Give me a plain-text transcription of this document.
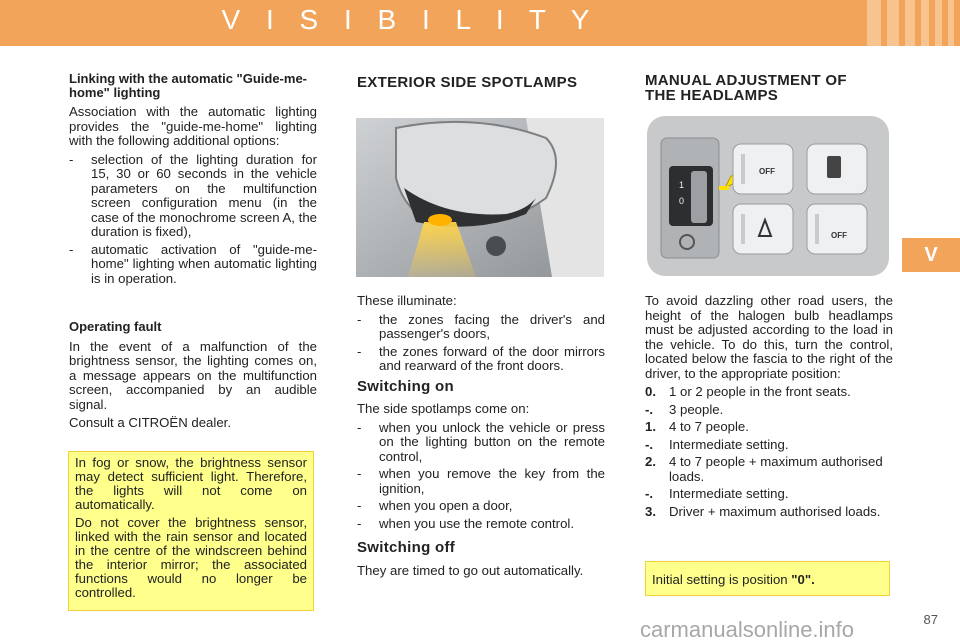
V I S I B I L I T Y
V
Linking with the automatic "Guide-me-home" lighting

Association with the automatic lighting provides the "guide-me-home" lighting with the following additional options:

- selection of the lighting duration for 15, 30 or 60 seconds in the vehicle parameters on the multifunction screen configuration menu (in the case of the monochrome screen A, the duration is fixed),
- automatic activation of "guide-me-home" lighting when automatic lighting is in operation.
Operating fault

In the event of a malfunction of the brightness sensor, the lighting comes on, a message appears on the multifunction screen, accompanied by an audible signal.

Consult a CITROËN dealer.

In fog or snow, the brightness sensor may detect sufficient light. Therefore, the lights will not come on automatically.

Do not cover the brightness sensor, linked with the rain sensor and located in the centre of the windscreen behind the interior mirror; the associated functions would no longer be controlled.

EXTERIOR SIDE SPOTLAMPS

These illuminate:

- the zones facing the driver's and passenger's doors,
- the zones forward of the door mirrors and rearward of the front doors.
Switching on

The side spotlamps come on:

- when you unlock the vehicle or press on the lighting button on the remote control,
- when you remove the key from the ignition,
- when you open a door,
- when you use the remote control.
Switching off

They are timed to go out automatically.

MANUAL ADJUSTMENT OF
THE HEADLAMPS
1
0
OFF
OFF

To avoid dazzling other road users, the height of the halogen bulb headlamps must be adjusted according to the load in the vehicle. To do this, turn the control, located below the fascia to the right of the driver, to the appropriate position:

0. 1 or 2 people in the front seats.
-.	3 people.
1. 4 to 7 people.
-.	Intermediate setting.
2. 4 to 7 people + maximum authorised loads.
-.	Intermediate setting.
3. Driver + maximum authorised loads.
Initial setting is position "0".
87
carmanualsonline.info
